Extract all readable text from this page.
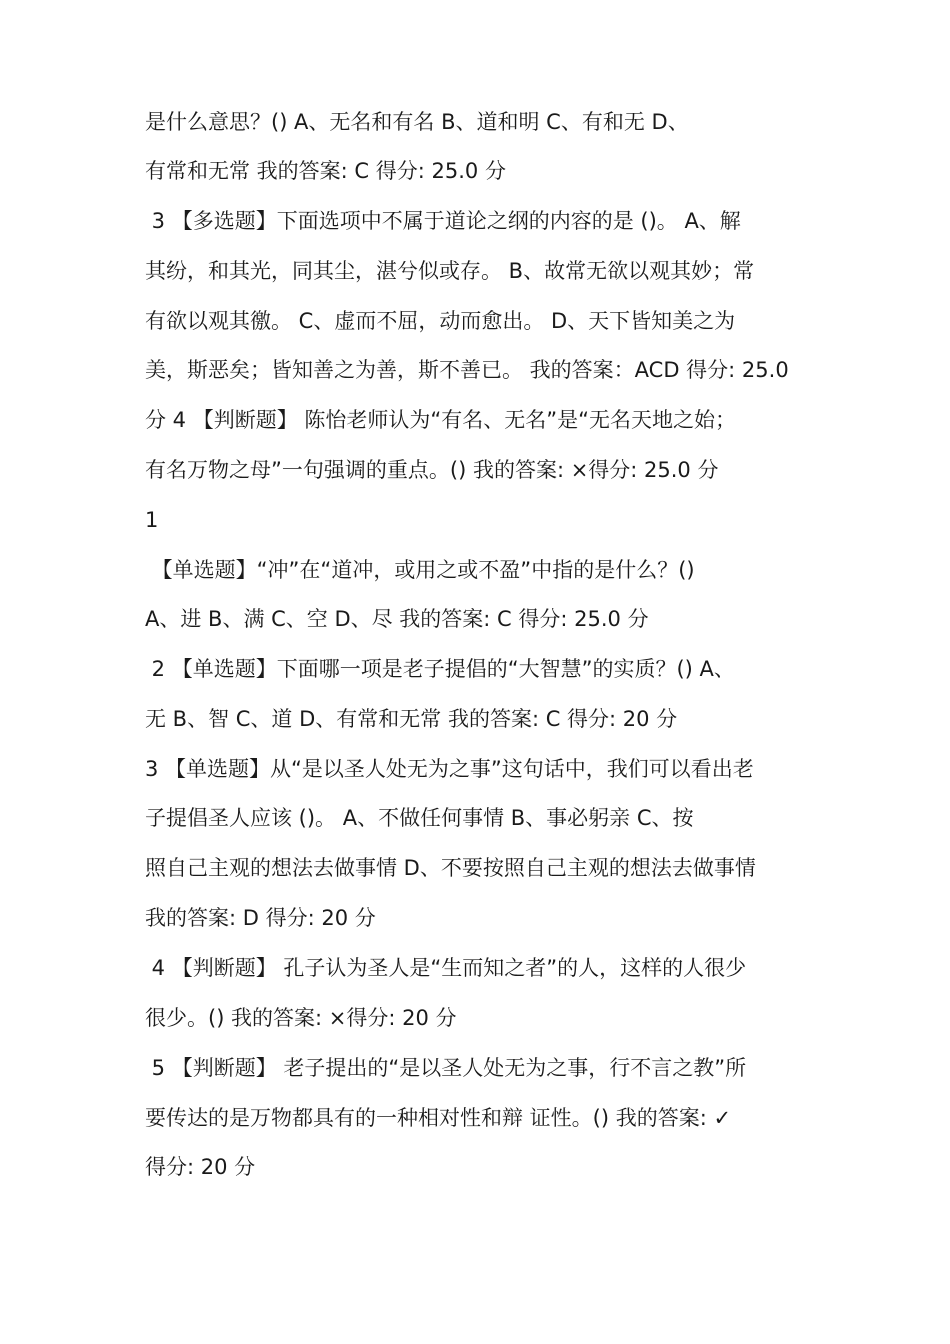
是什么意思？() A、无名和有名 B、道和明 C、有和无 D、
有常和无常 我的答案: C 得分: 25.0 分
3 【多选题】下面选项中不属于道论之纲的内容的是 ()。 A、解
其纷，和其光，同其尘，湛兮似或存。 B、故常无欲以观其妙；常
有欲以观其徼。 C、虚而不屈，动而愈出。 D、天下皆知美之为
美，斯恶矣；皆知善之为善，斯不善已。 我的答案：ACD 得分: 25.0
分 4 【判断题】 陈怡老师认为“有名、无名”是“无名天地之始；
有名万物之母”一句强调的重点。() 我的答案: ×得分: 25.0 分
1
【单选题】“冲”在“道冲，或用之或不盈”中指的是什么？()
A、进 B、满 C、空 D、尽 我的答案: C 得分: 25.0 分
2 【单选题】下面哪一项是老子提倡的“大智慧”的实质？() A、
无 B、智 C、道 D、有常和无常 我的答案: C 得分: 20 分
3 【单选题】从“是以圣人处无为之事”这句话中，我们可以看出老
子提倡圣人应该 ()。 A、不做任何事情 B、事必躬亲 C、按
照自己主观的想法去做事情 D、不要按照自己主观的想法去做事情
我的答案: D 得分: 20 分
4 【判断题】 孔子认为圣人是“生而知之者”的人，这样的人很少
很少。() 我的答案: ×得分: 20 分
5 【判断题】 老子提出的“是以圣人处无为之事，行不言之教”所
要传达的是万物都具有的一种相对性和辩 证性。() 我的答案: ✓
得分: 20 分
